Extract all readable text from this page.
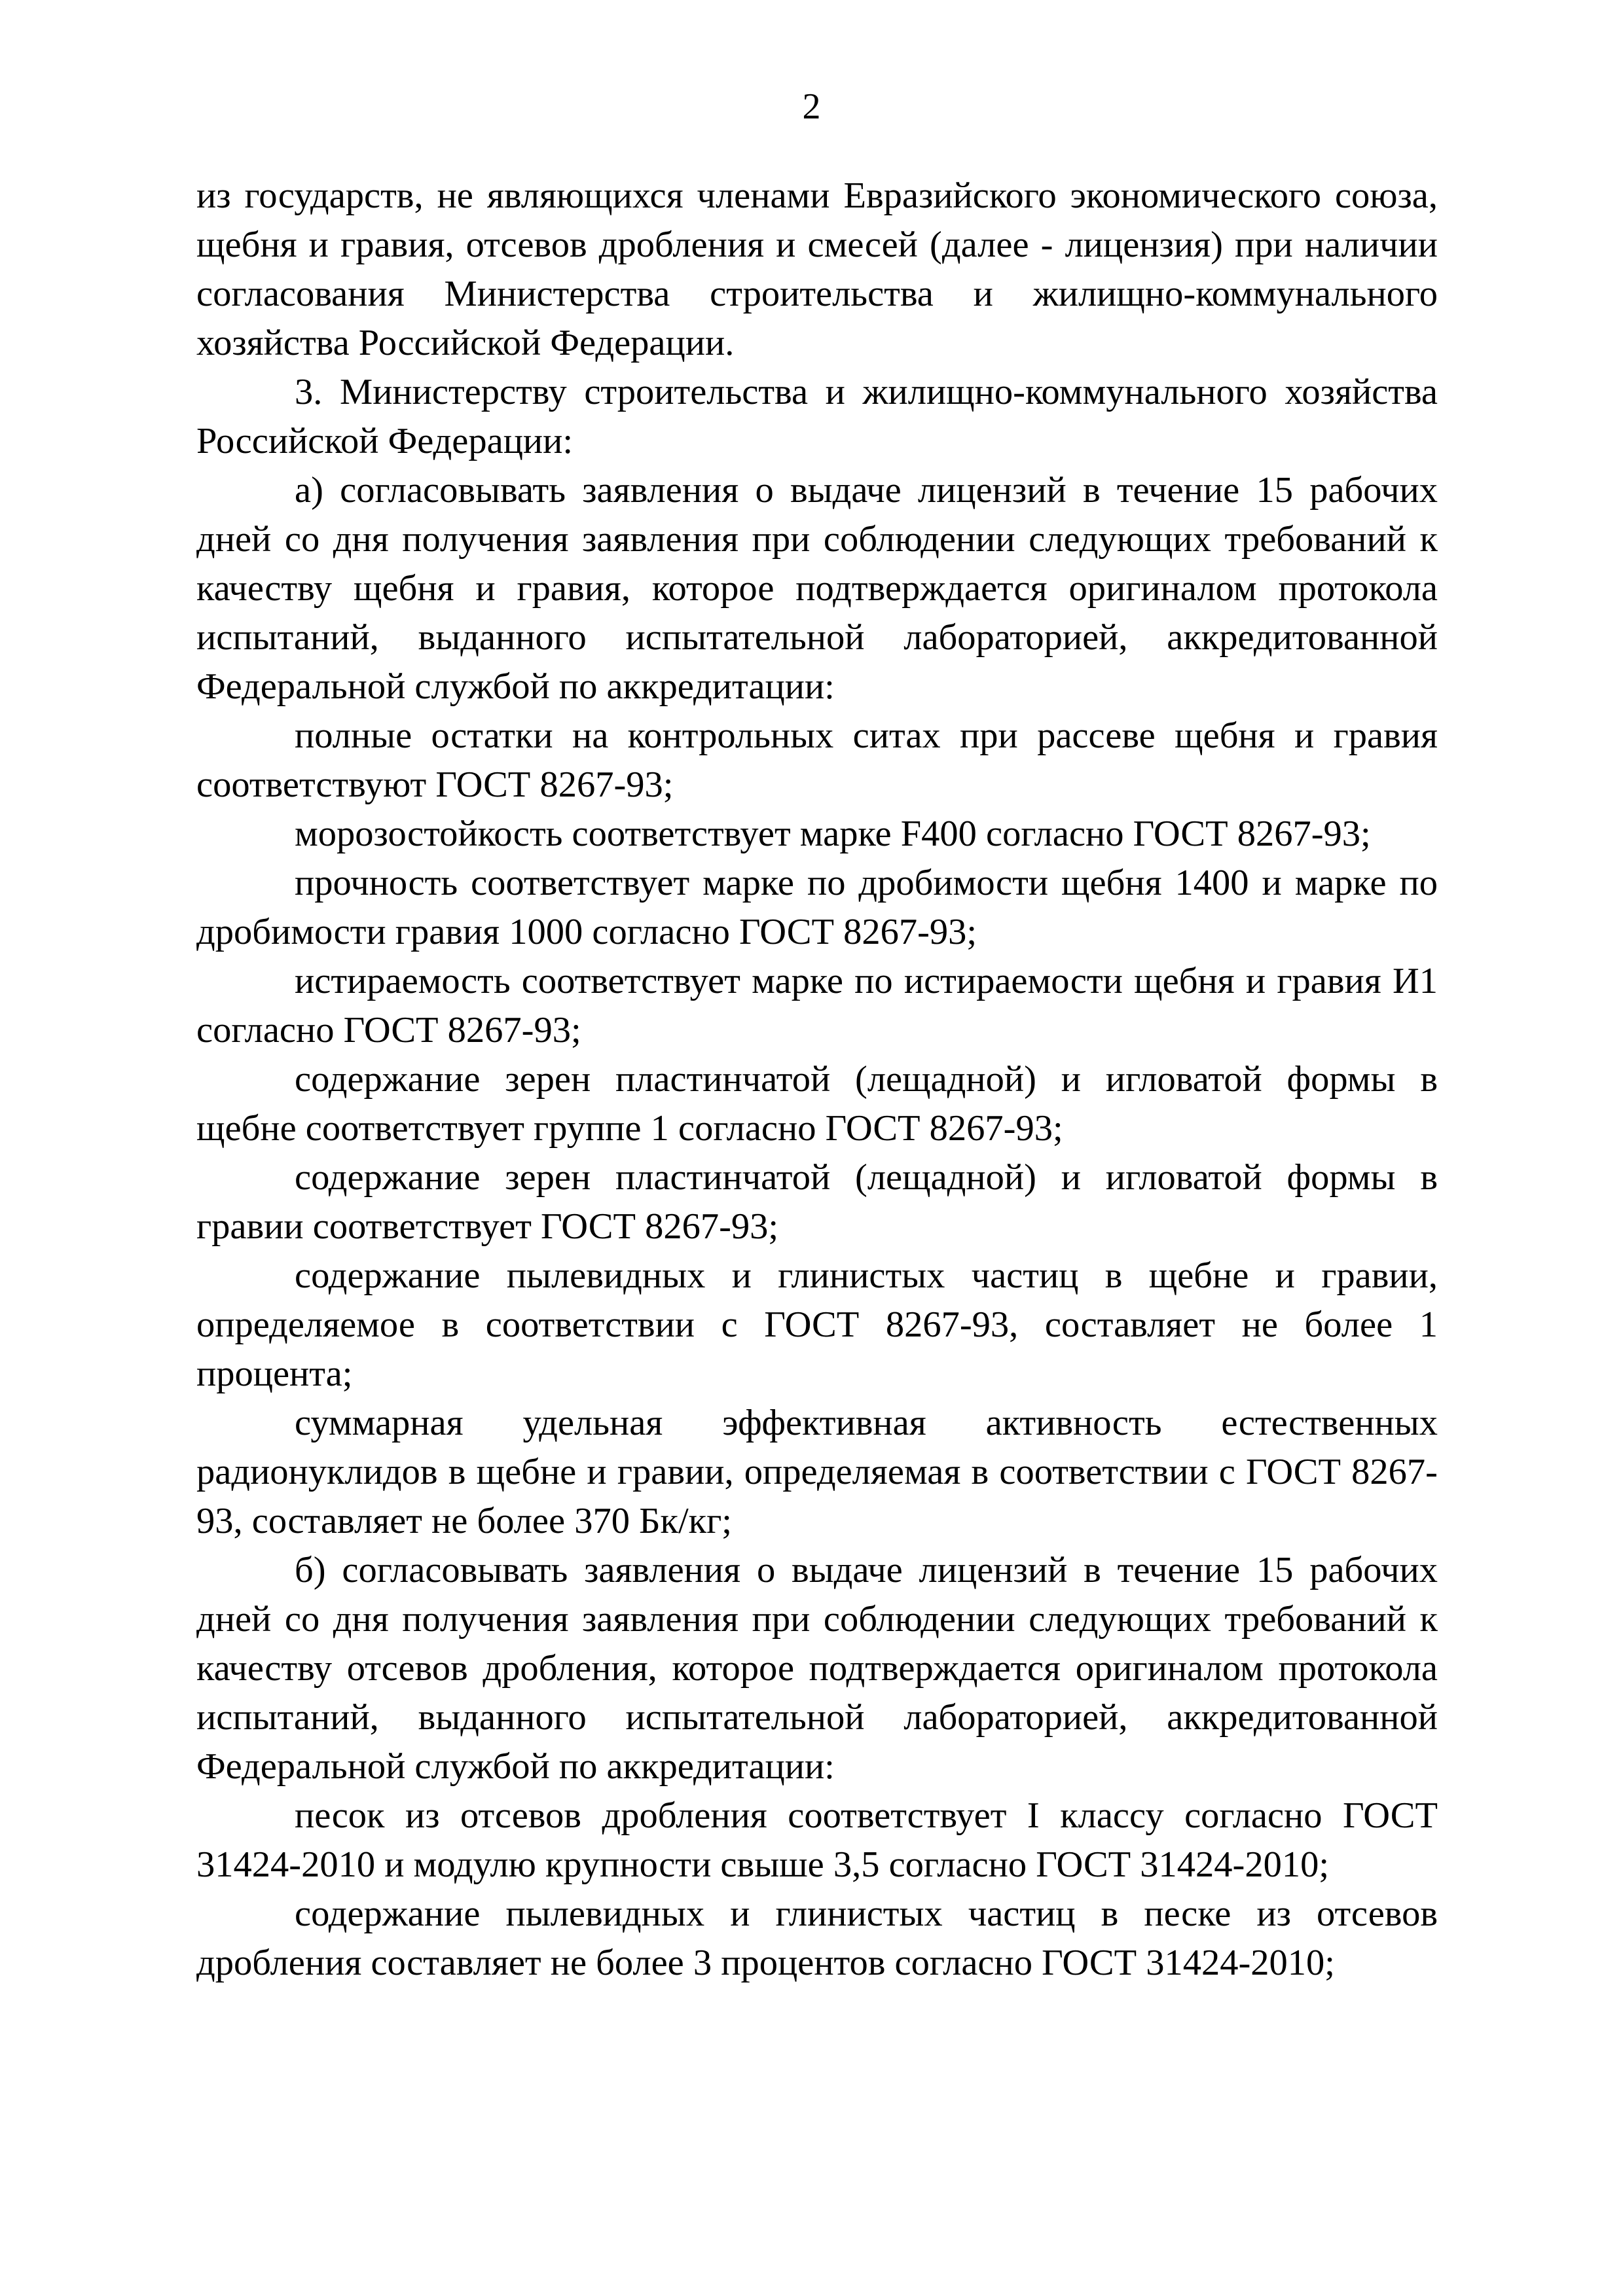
2

из государств, не являющихся членами Евразийского экономического союза, щебня и гравия, отсевов дробления и смесей (далее - лицензия) при наличии согласования Министерства строительства и жилищно-коммунального хозяйства Российской Федерации.

3. Министерству строительства и жилищно-коммунального хозяйства Российской Федерации:

а) согласовывать заявления о выдаче лицензий в течение 15 рабочих дней со дня получения заявления при соблюдении следующих требований к качеству щебня и гравия, которое подтверждается оригиналом протокола испытаний, выданного испытательной лабораторией, аккредитованной Федеральной службой по аккредитации:

полные остатки на контрольных ситах при рассеве щебня и гравия соответствуют ГОСТ 8267-93;

морозостойкость соответствует марке F400 согласно ГОСТ 8267-93;

прочность соответствует марке по дробимости щебня 1400 и марке по дробимости гравия 1000 согласно ГОСТ 8267-93;

истираемость соответствует марке по истираемости щебня и гравия И1 согласно ГОСТ 8267-93;

содержание зерен пластинчатой (лещадной) и игловатой формы в щебне соответствует группе 1 согласно ГОСТ 8267-93;

содержание зерен пластинчатой (лещадной) и игловатой формы в гравии соответствует ГОСТ 8267-93;

содержание пылевидных и глинистых частиц в щебне и гравии, определяемое в соответствии с ГОСТ 8267-93, составляет не более 1 процента;

суммарная удельная эффективная активность естественных радионуклидов в щебне и гравии, определяемая в соответствии с ГОСТ 8267-93, составляет не более 370 Бк/кг;

б) согласовывать заявления о выдаче лицензий в течение 15 рабочих дней со дня получения заявления при соблюдении следующих требований к качеству отсевов дробления, которое подтверждается оригиналом протокола испытаний, выданного испытательной лабораторией, аккредитованной Федеральной службой по аккредитации:

песок из отсевов дробления соответствует I классу согласно ГОСТ 31424-2010 и модулю крупности свыше 3,5 согласно ГОСТ 31424-2010;

содержание пылевидных и глинистых частиц в песке из отсевов дробления составляет не более 3 процентов согласно ГОСТ 31424-2010;
